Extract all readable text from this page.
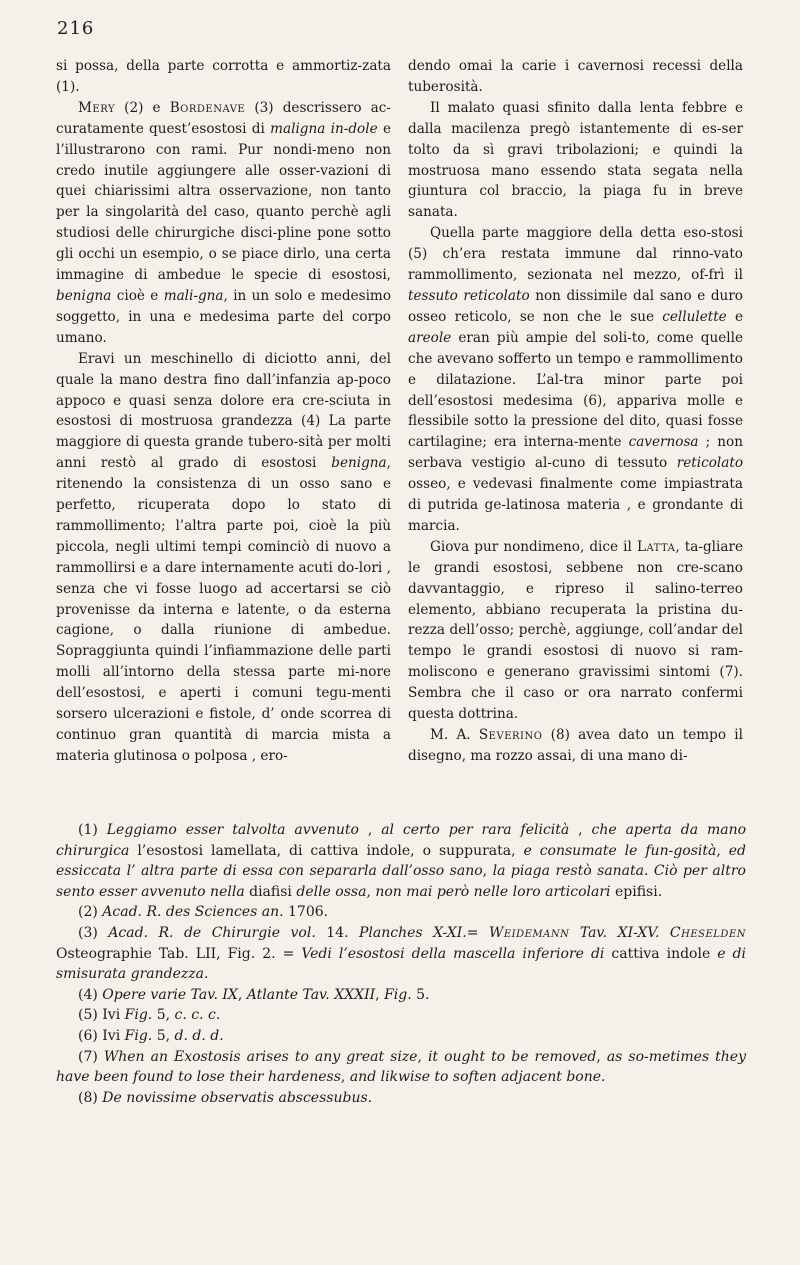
216

si possa, della parte corrotta e ammortiz-zata (1).

Mery (2) e Bordenave (3) descrissero ac-curatamente quest’esostosi di maligna in-dole e l’illustrarono con rami. Pur nondi-meno non credo inutile aggiungere alle osser-vazioni di quei chiarissimi altra osservazione, non tanto per la singolarità del caso, quanto perchè agli studiosi delle chirurgiche disci-pline pone sotto gli occhi un esempio, o se piace dirlo, una certa immagine di ambedue le specie di esostosi, benigna cioè e mali-gna, in un solo e medesimo soggetto, in una e medesima parte del corpo umano.

Eravi un meschinello di diciotto anni, del quale la mano destra fino dall’infanzia ap-poco appoco e quasi senza dolore era cre-sciuta in esostosi di mostruosa grandezza (4) La parte maggiore di questa grande tubero-sità per molti anni restò al grado di esostosi benigna, ritenendo la consistenza di un osso sano e perfetto, ricuperata dopo lo stato di rammollimento; l’altra parte poi, cioè la più piccola, negli ultimi tempi cominciò di nuovo a rammollirsi e a dare internamente acuti do-lori , senza che vi fosse luogo ad accertarsi se ciò provenisse da interna e latente, o da esterna cagione, o dalla riunione di ambedue. Sopraggiunta quindi l’infiammazione delle parti molli all’intorno della stessa parte mi-nore dell’esostosi, e aperti i comuni tegu-menti sorsero ulcerazioni e fistole, d’ onde scorrea di continuo gran quantità di marcia mista a materia glutinosa o polposa , ero-

dendo omai la carie i cavernosi recessi della tuberosità.

Il malato quasi sfinito dalla lenta febbre e dalla macilenza pregò istantemente di es-ser tolto da sì gravi tribolazioni; e quindi la mostruosa mano essendo stata segata nella giuntura col braccio, la piaga fu in breve sanata.

Quella parte maggiore della detta eso-stosi (5) ch’era restata immune dal rinno-vato rammollimento, sezionata nel mezzo, of-frì il tessuto reticolato non dissimile dal sano e duro osseo reticolo, se non che le sue cellulette e areole eran più ampie del soli-to, come quelle che avevano sofferto un tempo e rammollimento e dilatazione. L’al-tra minor parte poi dell’esostosi medesima (6), appariva molle e flessibile sotto la pressione del dito, quasi fosse cartilagine; era interna-mente cavernosa ; non serbava vestigio al-cuno di tessuto reticolato osseo, e vedevasi finalmente come impiastrata di putrida ge-latinosa materia , e grondante di marcia.

Giova pur nondimeno, dice il Latta, ta-gliare le grandi esostosi, sebbene non cre-scano davvantaggio, e ripreso il salino-terreo elemento, abbiano recuperata la pristina du-rezza dell’osso; perchè, aggiunge, coll’andar del tempo le grandi esostosi di nuovo si ram-moliscono e generano gravissimi sintomi (7). Sembra che il caso or ora narrato confermi questa dottrina.

M. A. Severino (8) avea dato un tempo il disegno, ma rozzo assai, di una mano di-

(1) Leggiamo esser talvolta avvenuto , al certo per rara felicità , che aperta da mano chirurgica l’esostosi lamellata, di cattiva indole, o suppurata, e consumate le fun-gosità, ed essiccata l’ altra parte di essa con separarla dall’osso sano, la piaga restò sanata. Ciò per altro sento esser avvenuto nella diafisi delle ossa, non mai però nelle loro articolari epifisi.

(2) Acad. R. des Sciences an. 1706.

(3) Acad. R. de Chirurgie vol. 14. Planches X-XI.= Weidemann Tav. XI-XV. Cheselden Osteographie Tab. LII, Fig. 2. = Vedi l’esostosi della mascella inferiore di cattiva indole e di smisurata grandezza.

(4) Opere varie Tav. IX, Atlante Tav. XXXII, Fig. 5.

(5) Ivi Fig. 5, c. c. c.

(6) Ivi Fig. 5, d. d. d.

(7) When an Exostosis arises to any great size, it ought to be removed, as so-metimes they have been found to lose their hardeness, and likwise to soften adjacent bone.

(8) De novissime observatis abscessubus.
